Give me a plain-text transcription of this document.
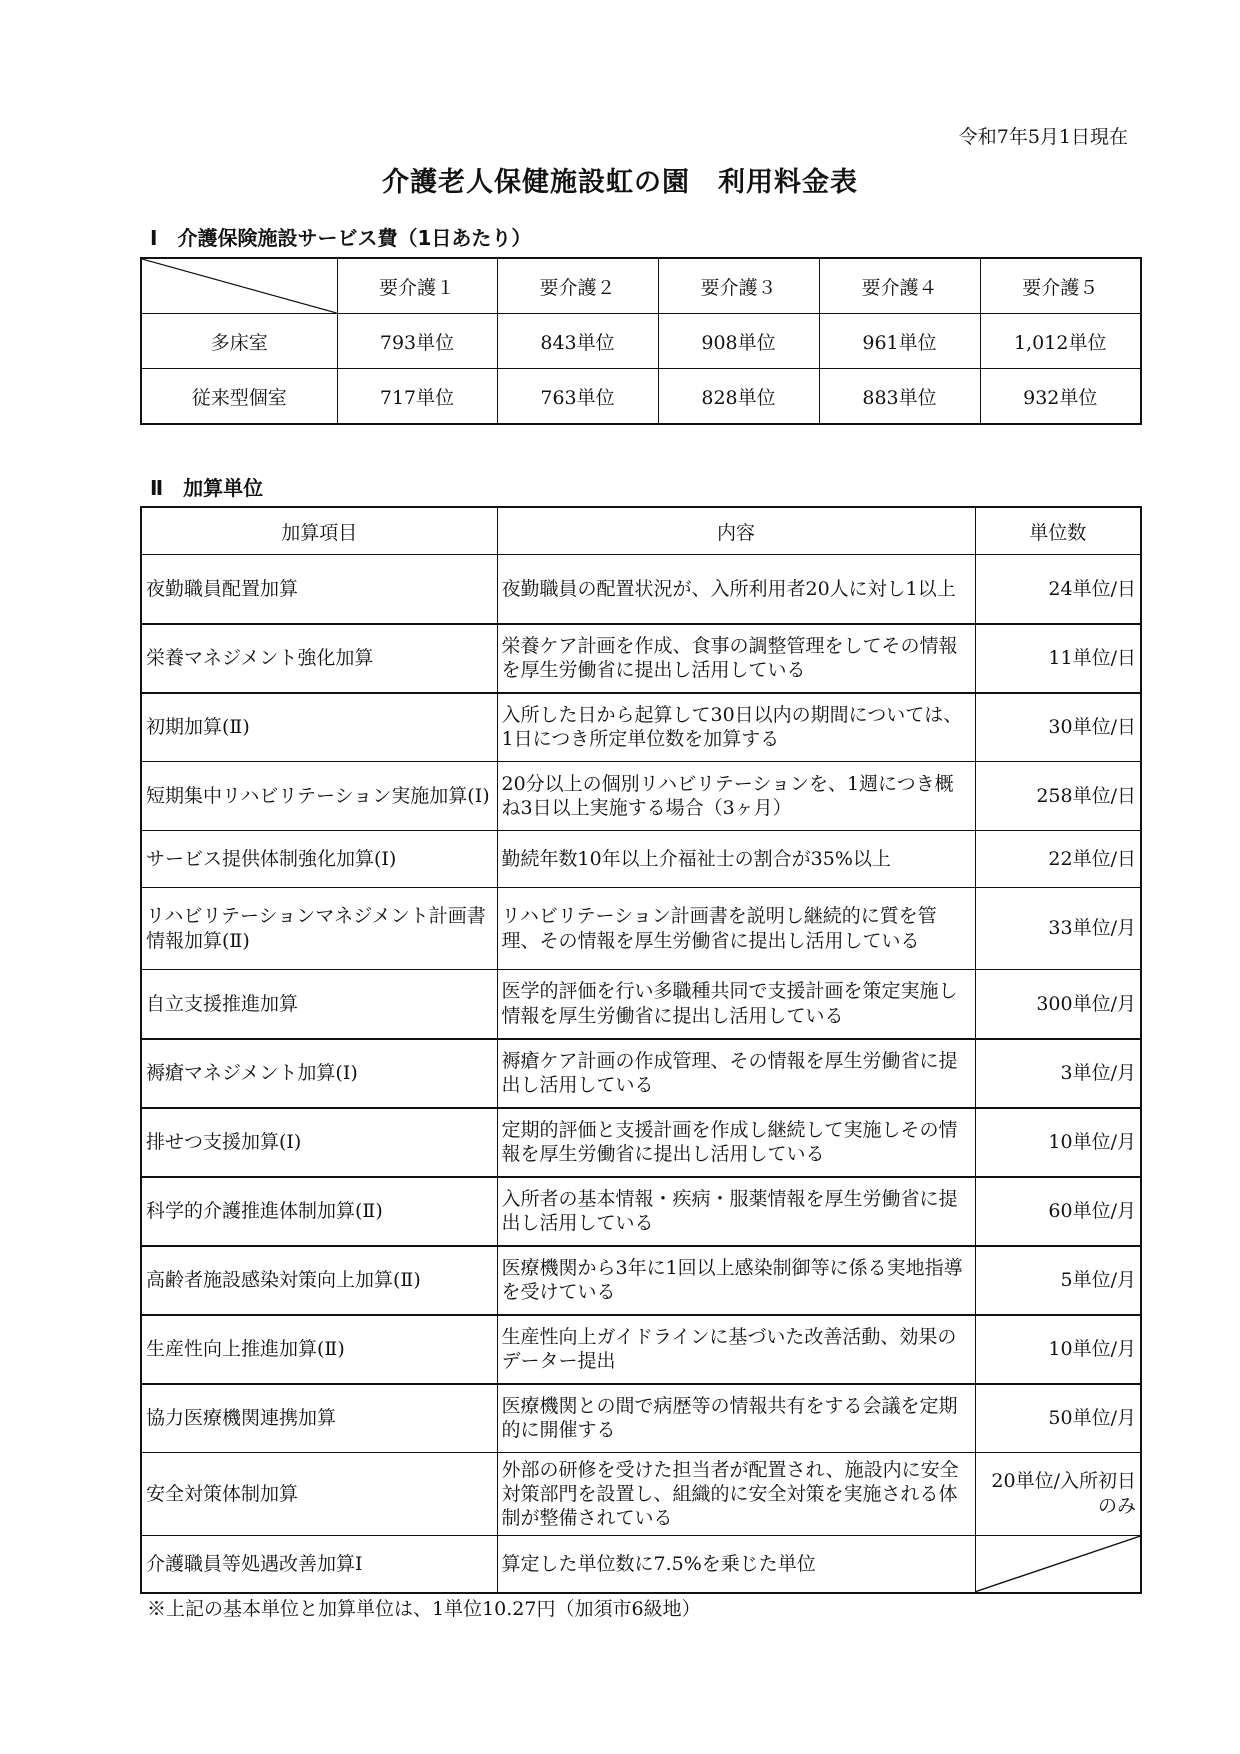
令和7年5月1日現在
介護老人保健施設虹の園　利用料金表
Ⅰ　介護保険施設サービス費（1日あたり）
	要介護１	要介護２	要介護３	要介護４	要介護５
多床室	793単位	843単位	908単位	961単位	1,012単位
従来型個室	717単位	763単位	828単位	883単位	932単位
Ⅱ　加算単位
加算項目	内容	単位数
夜勤職員配置加算	夜勤職員の配置状況が、入所利用者20人に対し1以上	24単位/日
栄養マネジメント強化加算	栄養ケア計画を作成、食事の調整管理をしてその情報を厚生労働省に提出し活用している	11単位/日
初期加算(Ⅱ)	入所した日から起算して30日以内の期間については、1日につき所定単位数を加算する	30単位/日
短期集中リハビリテーション実施加算(Ⅰ)	20分以上の個別リハビリテーションを、1週につき概ね3日以上実施する場合（3ヶ月）	258単位/日
サービス提供体制強化加算(Ⅰ)	勤続年数10年以上介福祉士の割合が35%以上	22単位/日
リハビリテーションマネジメント計画書情報加算(Ⅱ)	リハビリテーション計画書を説明し継続的に質を管理、その情報を厚生労働省に提出し活用している	33単位/月
自立支援推進加算	医学的評価を行い多職種共同で支援計画を策定実施し情報を厚生労働省に提出し活用している	300単位/月
褥瘡マネジメント加算(Ⅰ)	褥瘡ケア計画の作成管理、その情報を厚生労働省に提出し活用している	3単位/月
排せつ支援加算(Ⅰ)	定期的評価と支援計画を作成し継続して実施しその情報を厚生労働省に提出し活用している	10単位/月
科学的介護推進体制加算(Ⅱ)	入所者の基本情報・疾病・服薬情報を厚生労働省に提出し活用している	60単位/月
高齢者施設感染対策向上加算(Ⅱ)	医療機関から3年に1回以上感染制御等に係る実地指導を受けている	5単位/月
生産性向上推進加算(Ⅱ)	生産性向上ガイドラインに基づいた改善活動、効果のデーター提出	10単位/月
協力医療機関連携加算	医療機関との間で病歴等の情報共有をする会議を定期的に開催する	50単位/月
安全対策体制加算	外部の研修を受けた担当者が配置され、施設内に安全対策部門を設置し、組織的に安全対策を実施される体制が整備されている	20単位/入所初日のみ
介護職員等処遇改善加算Ⅰ	算定した単位数に7.5%を乗じた単位	
※上記の基本単位と加算単位は、1単位10.27円（加須市6級地）
